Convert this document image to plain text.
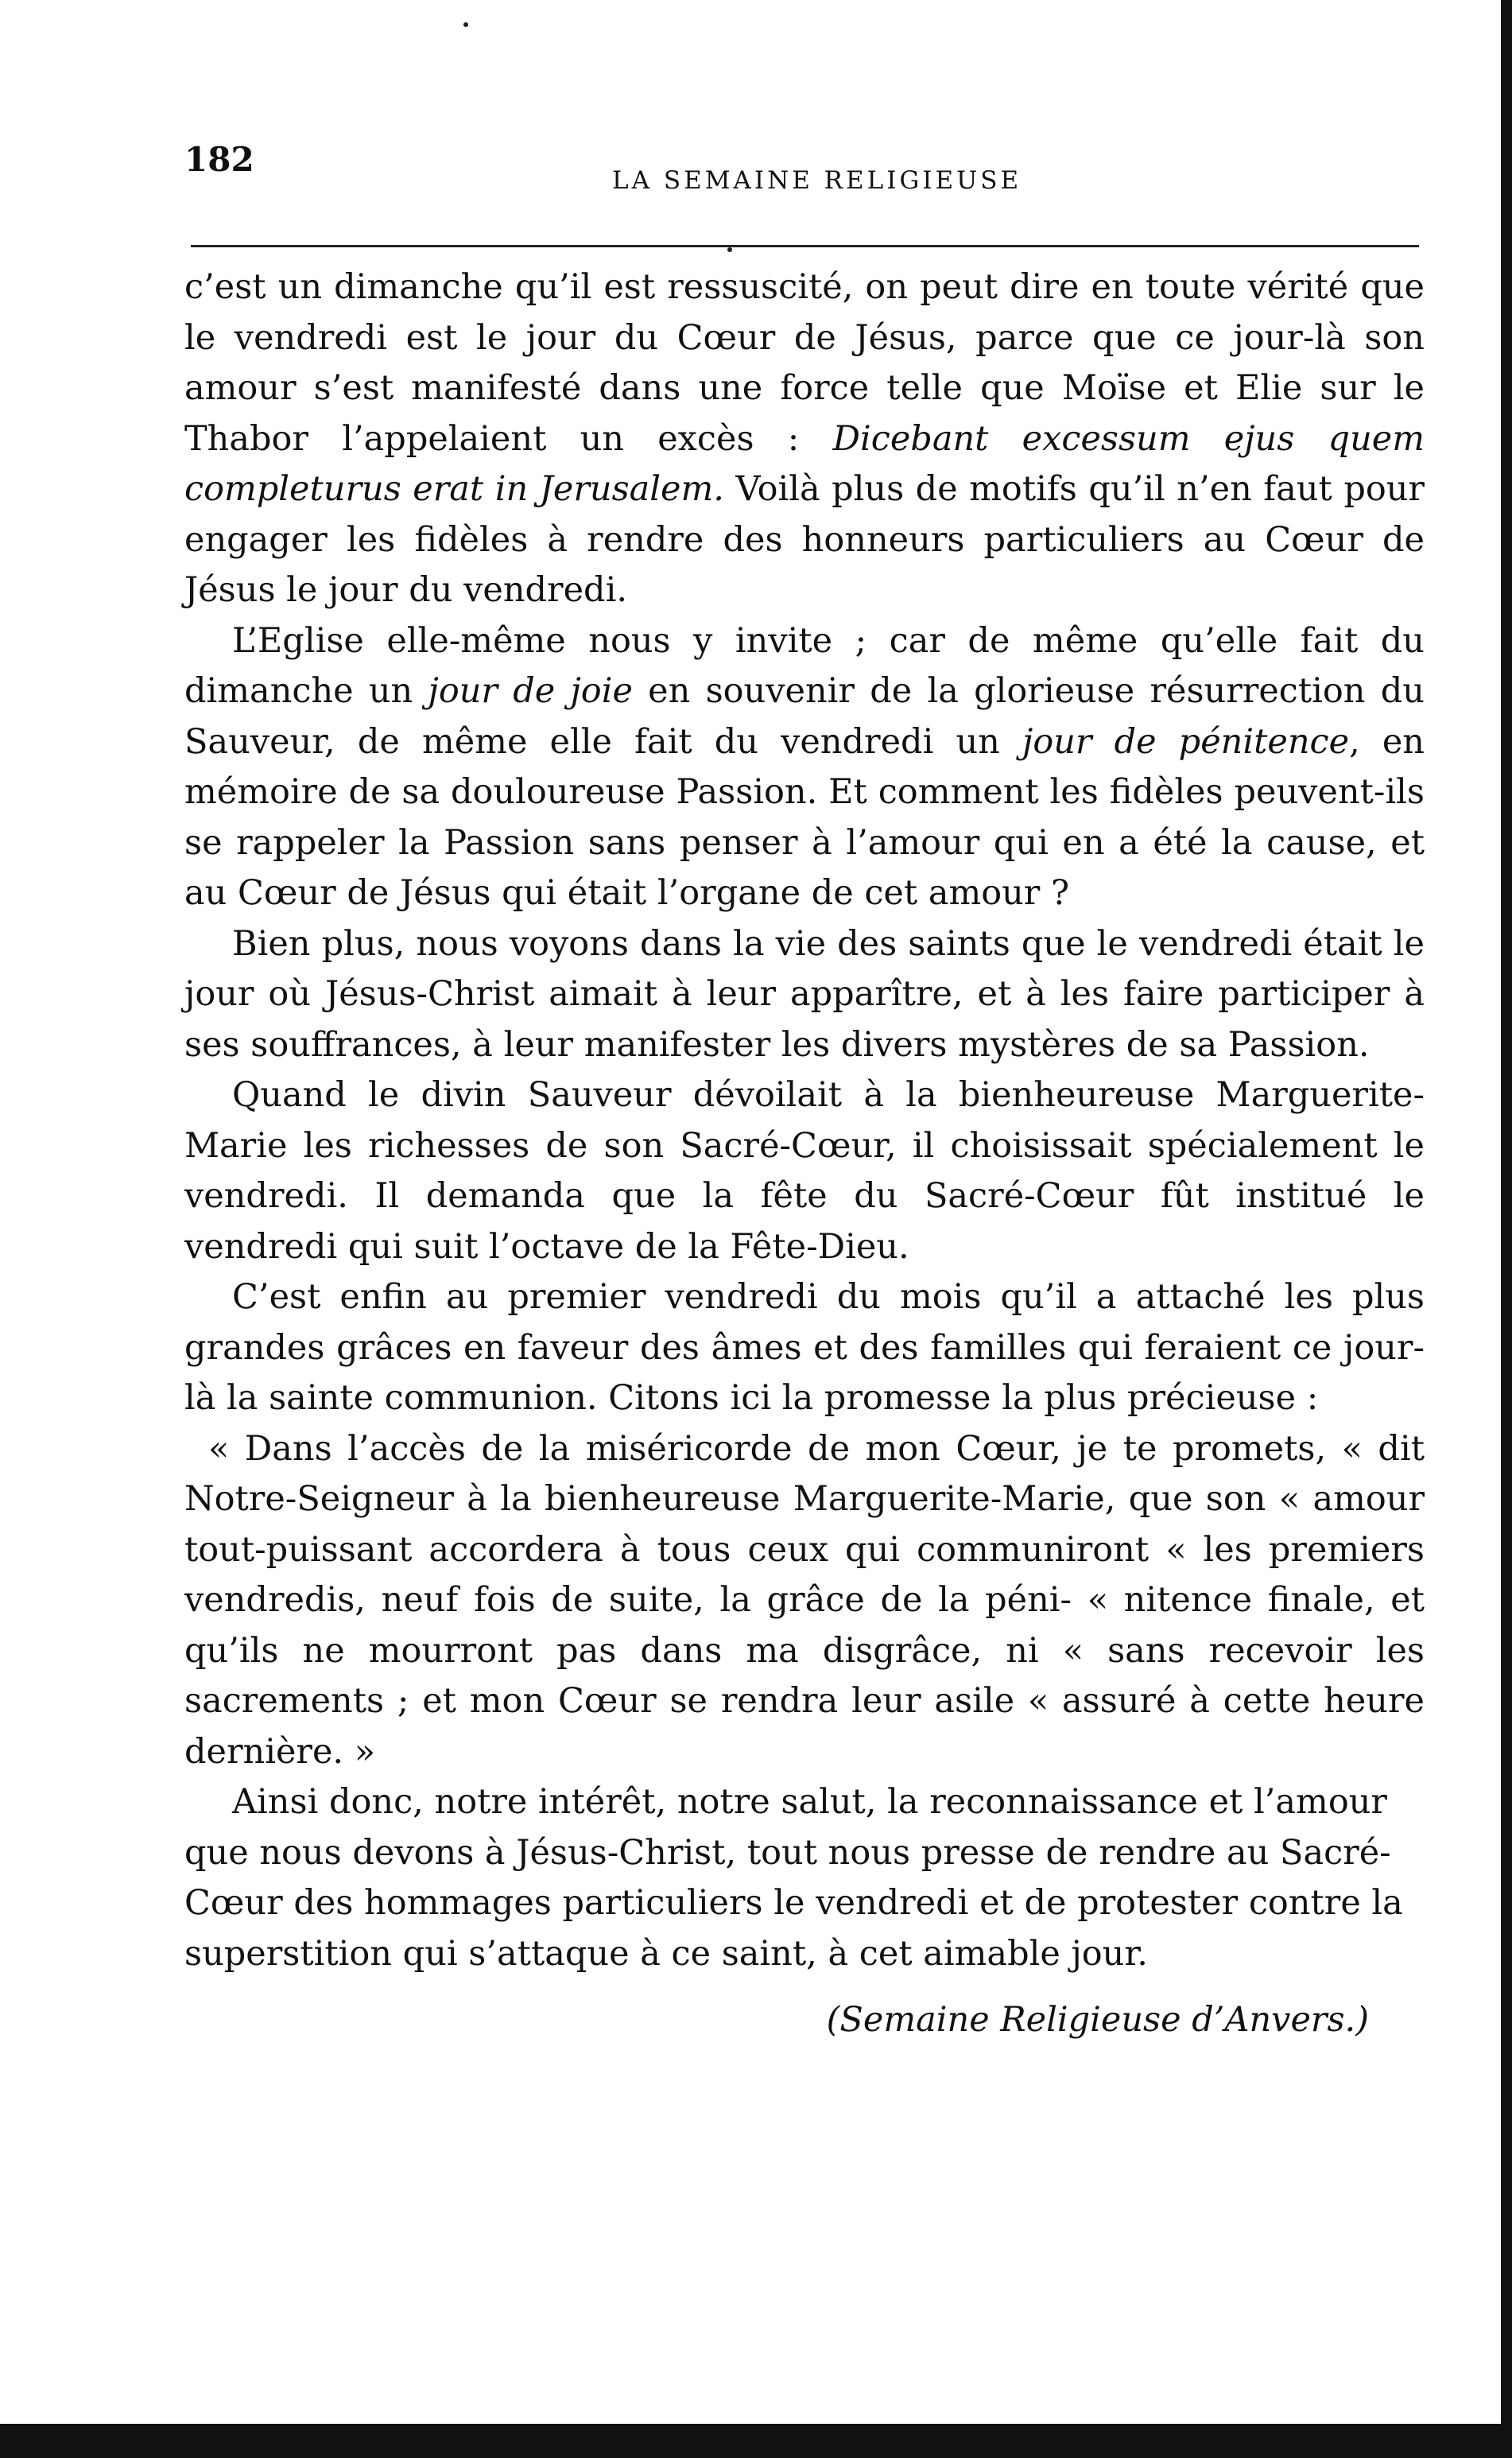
182
LA SEMAINE RELIGIEUSE

c’est un dimanche qu’il est ressuscité, on peut dire en toute vérité que le vendredi est le jour du Cœur de Jésus, parce que ce jour-là son amour s’est manifesté dans une force telle que Moïse et Elie sur le Thabor l’appelaient un excès : Dicebant excessum ejus quem completurus erat in Jerusalem. Voilà plus de motifs qu’il n’en faut pour engager les fidèles à rendre des honneurs particuliers au Cœur de Jésus le jour du vendredi.

L’Eglise elle-même nous y invite ; car de même qu’elle fait du dimanche un jour de joie en souvenir de la glorieuse résurrection du Sauveur, de même elle fait du vendredi un jour de pénitence, en mémoire de sa douloureuse Passion. Et comment les fidèles peuvent-ils se rappeler la Passion sans penser à l’amour qui en a été la cause, et au Cœur de Jésus qui était l’organe de cet amour ?

Bien plus, nous voyons dans la vie des saints que le vendredi était le jour où Jésus-Christ aimait à leur apparître, et à les faire participer à ses souffrances, à leur manifester les divers mystères de sa Passion.

Quand le divin Sauveur dévoilait à la bienheureuse Marguerite-Marie les richesses de son Sacré-Cœur, il choisissait spécialement le vendredi. Il demanda que la fête du Sacré-Cœur fût institué le vendredi qui suit l’octave de la Fête-Dieu.

C’est enfin au premier vendredi du mois qu’il a attaché les plus grandes grâces en faveur des âmes et des familles qui feraient ce jour-là la sainte communion. Citons ici la promesse la plus précieuse :

« Dans l’accès de la miséricorde de mon Cœur, je te promets, « dit Notre-Seigneur à la bienheureuse Marguerite-Marie, que son « amour tout-puissant accordera à tous ceux qui communiront « les premiers vendredis, neuf fois de suite, la grâce de la péni- « nitence finale, et qu’ils ne mourront pas dans ma disgrâce, ni « sans recevoir les sacrements ; et mon Cœur se rendra leur asile « assuré à cette heure dernière. »

Ainsi donc, notre intérêt, notre salut, la reconnaissance et l’amour que nous devons à Jésus-Christ, tout nous presse de rendre au Sacré-Cœur des hommages particuliers le vendredi et de protester contre la superstition qui s’attaque à ce saint, à cet aimable jour.

(Semaine Religieuse d’Anvers.)
